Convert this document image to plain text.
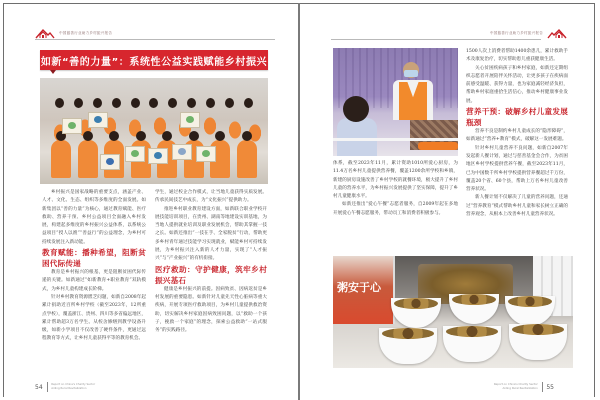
中国慈善行业助力乡村振兴报告
如新“善的力量”：系统性公益实践赋能乡村振兴

乡村振兴是国家战略的重要支点，涵盖产业、人才、文化、生态、组织等多维度的全面发展。如新集团以“善的力量”为核心，通过教育赋能、医疗救助、营养干预、乡村公益项目全面融入乡村发展，构建起多维度的乡村振兴公益体系，以系统公益项目“授人以渔”“善益行”的公益理念，为乡村可持续发展注入新动能。

教育赋能：播种希望，阻断贫困代际传递

教育是乡村振兴的根基，更是阻断贫困代际传递的关键。如新通过“如新教育+职业教育”双轨模式，为乡村儿童构建成长阶梯。

针对乡村教育资源匮乏问题，如新自2008年起累计捐助近百所乡村学校（截至2023年，12所重点学校），覆盖浙江、贵州、四川等多省偏远地区，累计帮助超3万名学生。从校舍修缮到教学设备升级，如新小学项目不仅改善了硬件条件，更通过远程教育等方式，让乡村儿童获得平等的教育机会。

学生，通过校企合作模式，让当地儿童获得实质发展。传承民间技艺中成长，为“文化振兴”提供助力。

推进乡村职业教育建设方面，如新联合职业学校开展技能培训项目，在贵州、湖南等地建设实训基地，为当地人提供就业培训及职业发展机会，帮助其掌握一技之长。如新还推出“一技在手、全家脱贫”行动，帮助更多乡村青年通过技能学习实现就业，赋能乡村可持续发展，为乡村振兴注入新的人才力量，实现了“人才振兴”与“产业振兴”的有机衔接。

医疗救助：守护健康，筑牢乡村振兴基石

健康是乡村振兴的前提。因病致贫、因病返贫是乡村发展的重要隐患。如新针对儿童先天性心脏病等重大疾病，开展专项医疗救助项目，为乡村儿童提供救治资助，切实解决乡村家庭因病致困问题，以“救助一个孩子，挽救一个家庭”的理念，探索公益救助“一站式服务”的实践路径。

54	Report on China's Charity Sector Aiding Rural Revitalization
中国慈善行业助力乡村振兴报告

1500人次上消费者帮助1400余患儿，累计救助手术及康复治疗，切实帮助患儿重获健康生活。

关心贫困疾病孩子和乡村家庭，如新还定期组织志愿者开展陪伴关怀活动，让更多孩子在疾病面前感受温暖、获得力量，也为家庭减轻经济负担，帮助乡村家庭重拾生活信心，推动乡村健康事业发展。

营养干预：破解乡村儿童发展瓶颈

营养不良是制约乡村儿童成长的“隐形障碍”，如新通过“营养+教育”模式，破解这一发展难题。

针对乡村儿童营养不良问题，如新自2007年发起新人餐计划，通过与慈善基金会合作，为贫困地区乡村学校提供营养午餐，截至2023年11月，已为中国数千所乡村学校提供营养餐超过千万份，覆盖20个省、60个县，帮助上万名乡村儿童改善营养状况。

新人餐计划不仅解决了儿童的营养问题，还通过“营养教育”模式帮助乡村儿童和家长树立正确的营养观念，从根本上改善乡村儿童营养状况。

体系，截至2023年11月，累计资助1010所爱心厨房，为11.4万名乡村儿童提供营养餐，覆盖1200余所学校和乡镇，新建的厨房设施改善了乡村学校的就餐环境，极大提升了乡村儿童的营养水平，为乡村振兴发展提供了坚实保障，提升了乡村儿童健康水平。

如新还推出“爱心午餐”志愿者服务，自2009年起在多地开展爱心午餐志愿服务，带动员工和消费者积极参与。

粥安于心
Report on China's Charity Sector Aiding Rural Revitalization 55
